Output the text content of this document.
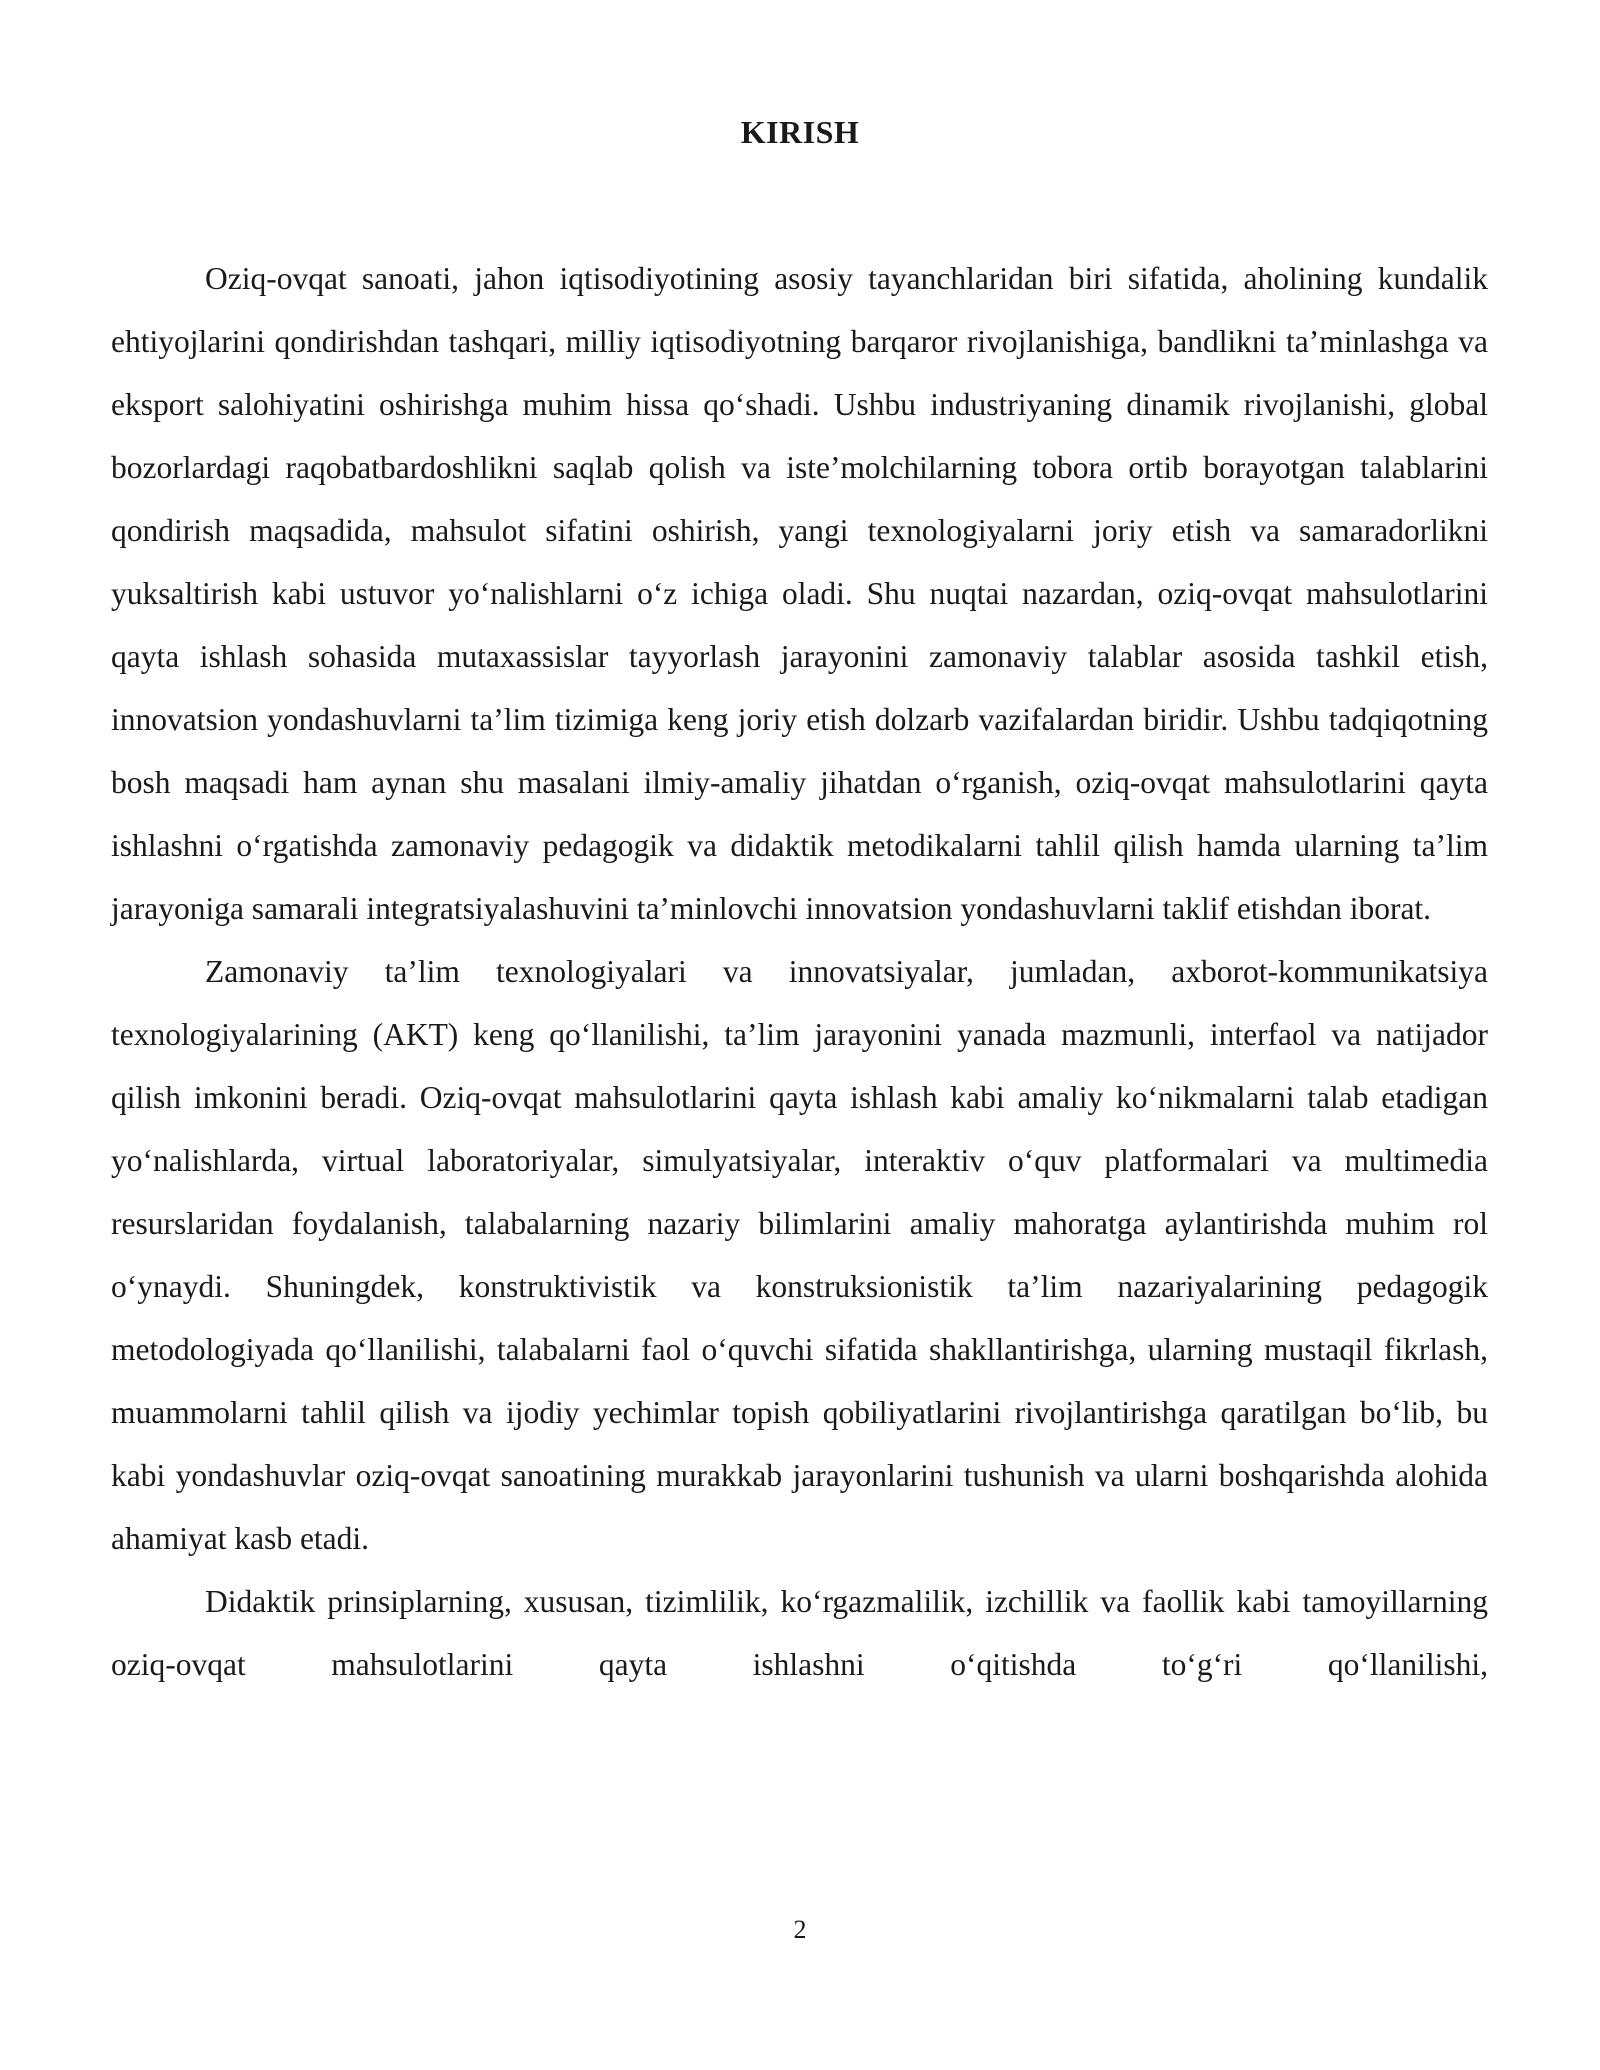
KIRISH

Oziq-ovqat sanoati, jahon iqtisodiyotining asosiy tayanchlaridan biri sifatida, aholining kundalik ehtiyojlarini qondirishdan tashqari, milliy iqtisodiyotning barqaror rivojlanishiga, bandlikni ta’minlashga va eksport salohiyatini oshirishga muhim hissa qo‘shadi. Ushbu industriyaning dinamik rivojlanishi, global bozorlardagi raqobatbardoshlikni saqlab qolish va iste’molchilarning tobora ortib borayotgan talablarini qondirish maqsadida, mahsulot sifatini oshirish, yangi texnologiyalarni joriy etish va samaradorlikni yuksaltirish kabi ustuvor yo‘nalishlarni o‘z ichiga oladi. Shu nuqtai nazardan, oziq-ovqat mahsulotlarini qayta ishlash sohasida mutaxassislar tayyorlash jarayonini zamonaviy talablar asosida tashkil etish, innovatsion yondashuvlarni ta’lim tizimiga keng joriy etish dolzarb vazifalardan biridir. Ushbu tadqiqotning bosh maqsadi ham aynan shu masalani ilmiy-amaliy jihatdan o‘rganish, oziq-ovqat mahsulotlarini qayta ishlashni o‘rgatishda zamonaviy pedagogik va didaktik metodikalarni tahlil qilish hamda ularning ta’lim jarayoniga samarali integratsiyalashuvini ta’minlovchi innovatsion yondashuvlarni taklif etishdan iborat.

Zamonaviy ta’lim texnologiyalari va innovatsiyalar, jumladan, axborot-kommunikatsiya texnologiyalarining (AKT) keng qo‘llanilishi, ta’lim jarayonini yanada mazmunli, interfaol va natijador qilish imkonini beradi. Oziq-ovqat mahsulotlarini qayta ishlash kabi amaliy ko‘nikmalarni talab etadigan yo‘nalishlarda, virtual laboratoriyalar, simulyatsiyalar, interaktiv o‘quv platformalari va multimedia resurslaridan foydalanish, talabalarning nazariy bilimlarini amaliy mahoratga aylantirishda muhim rol o‘ynaydi. Shuningdek, konstruktivistik va konstruksionistik ta’lim nazariyalarining pedagogik metodologiyada qo‘llanilishi, talabalarni faol o‘quvchi sifatida shakllantirishga, ularning mustaqil fikrlash, muammolarni tahlil qilish va ijodiy yechimlar topish qobiliyatlarini rivojlantirishga qaratilgan bo‘lib, bu kabi yondashuvlar oziq-ovqat sanoatining murakkab jarayonlarini tushunish va ularni boshqarishda alohida ahamiyat kasb etadi.

Didaktik prinsiplarning, xususan, tizimlilik, ko‘rgazmalilik, izchillik va faollik kabi tamoyillarning oziq-ovqat mahsulotlarini qayta ishlashni o‘qitishda to‘g‘ri qo‘llanilishi,

2
